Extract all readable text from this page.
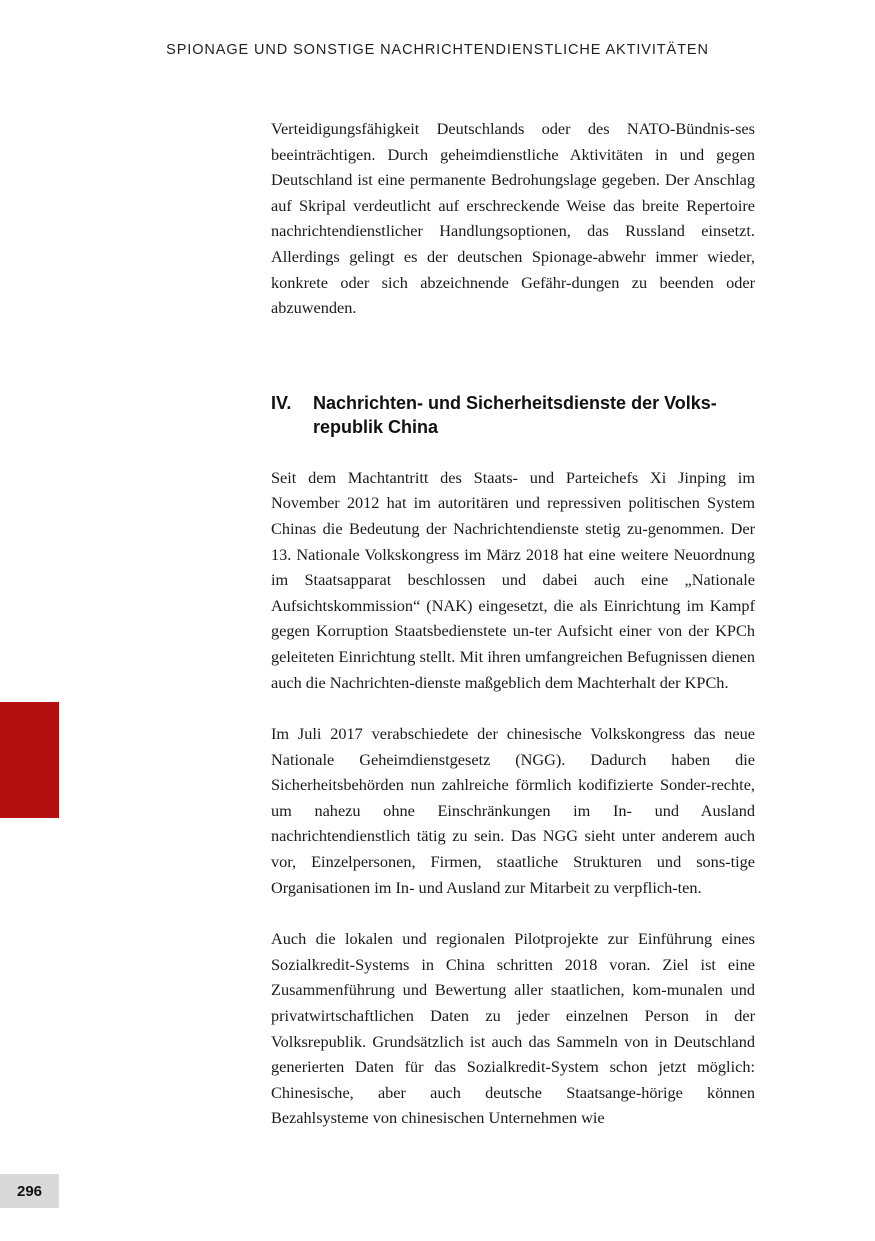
SPIONAGE UND SONSTIGE NACHRICHTENDIENSTLICHE AKTIVITÄTEN

Verteidigungsfähigkeit Deutschlands oder des NATO-Bündnis-ses beeinträchtigen. Durch geheimdienstliche Aktivitäten in und gegen Deutschland ist eine permanente Bedrohungslage gegeben. Der Anschlag auf Skripal verdeutlicht auf erschreckende Weise das breite Repertoire nachrichtendienstlicher Handlungsoptionen, das Russland einsetzt. Allerdings gelingt es der deutschen Spionage-abwehr immer wieder, konkrete oder sich abzeichnende Gefähr-dungen zu beenden oder abzuwenden.

IV.	Nachrichten- und Sicherheitsdienste der Volks-republik China

Seit dem Machtantritt des Staats- und Parteichefs Xi Jinping im November 2012 hat im autoritären und repressiven politischen System Chinas die Bedeutung der Nachrichtendienste stetig zu-genommen. Der 13. Nationale Volkskongress im März 2018 hat eine weitere Neuordnung im Staatsapparat beschlossen und dabei auch eine „Nationale Aufsichtskommission“ (NAK) eingesetzt, die als Einrichtung im Kampf gegen Korruption Staatsbedienstete un-ter Aufsicht einer von der KPCh geleiteten Einrichtung stellt. Mit ihren umfangreichen Befugnissen dienen auch die Nachrichten-dienste maßgeblich dem Machterhalt der KPCh.

Im Juli 2017 verabschiedete der chinesische Volkskongress das neue Nationale Geheimdienstgesetz (NGG). Dadurch haben die Sicherheitsbehörden nun zahlreiche förmlich kodifizierte Sonder-rechte, um nahezu ohne Einschränkungen im In- und Ausland nachrichtendienstlich tätig zu sein. Das NGG sieht unter anderem auch vor, Einzelpersonen, Firmen, staatliche Strukturen und sons-tige Organisationen im In- und Ausland zur Mitarbeit zu verpflich-ten.

Auch die lokalen und regionalen Pilotprojekte zur Einführung eines Sozialkredit-Systems in China schritten 2018 voran. Ziel ist eine Zusammenführung und Bewertung aller staatlichen, kom-munalen und privatwirtschaftlichen Daten zu jeder einzelnen Person in der Volksrepublik. Grundsätzlich ist auch das Sammeln von in Deutschland generierten Daten für das Sozialkredit-System schon jetzt möglich: Chinesische, aber auch deutsche Staatsange-hörige können Bezahlsysteme von chinesischen Unternehmen wie

296
